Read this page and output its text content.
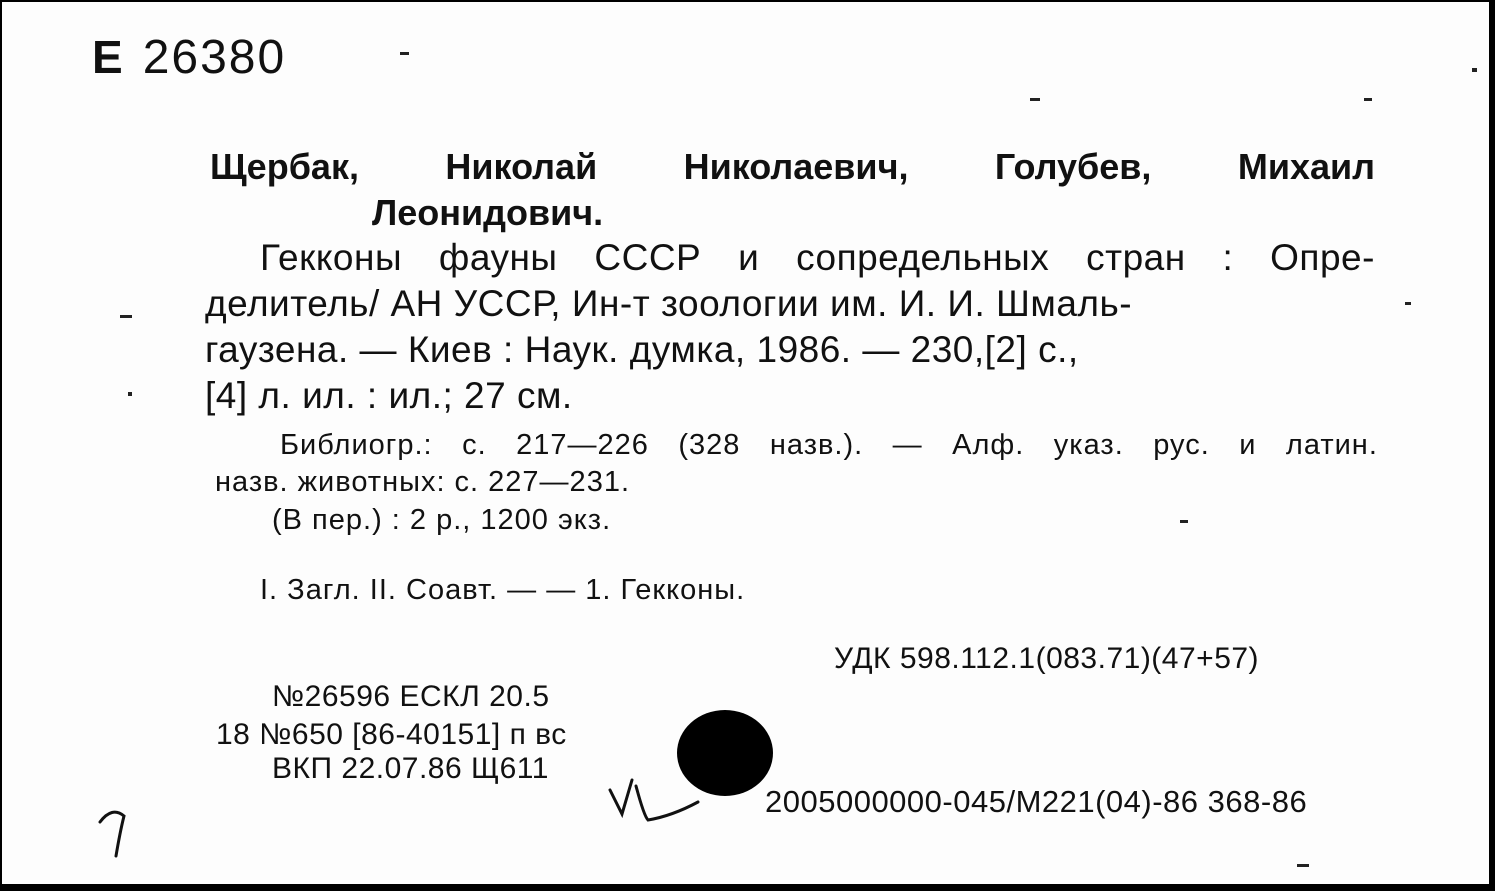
Е 26380
Щербак, Николай Николаевич, Голубев, Михаил
Леонидович.
Гекконы фауны СССР и сопредельных стран : Опре-
делитель/ АН УССР, Ин-т зоологии им. И. И. Шмаль-
гаузена. — Киев : Наук. думка, 1986. — 230,[2] с.,
[4] л. ил. : ил.; 27 см.
Библиогр.: с. 217—226 (328 назв.). — Алф. указ. рус. и латин.
назв. животных: с. 227—231.
(В пер.) : 2 р., 1200 экз.
I. Загл. II. Соавт. — — 1. Гекконы.
УДК 598.112.1(083.71)(47+57)
№26596 ЕСКЛ 20.5
18 №650 [86-40151] п вс
ВКП 22.07.86 Щ611
2005000000-045/М221(04)-86 368-86
